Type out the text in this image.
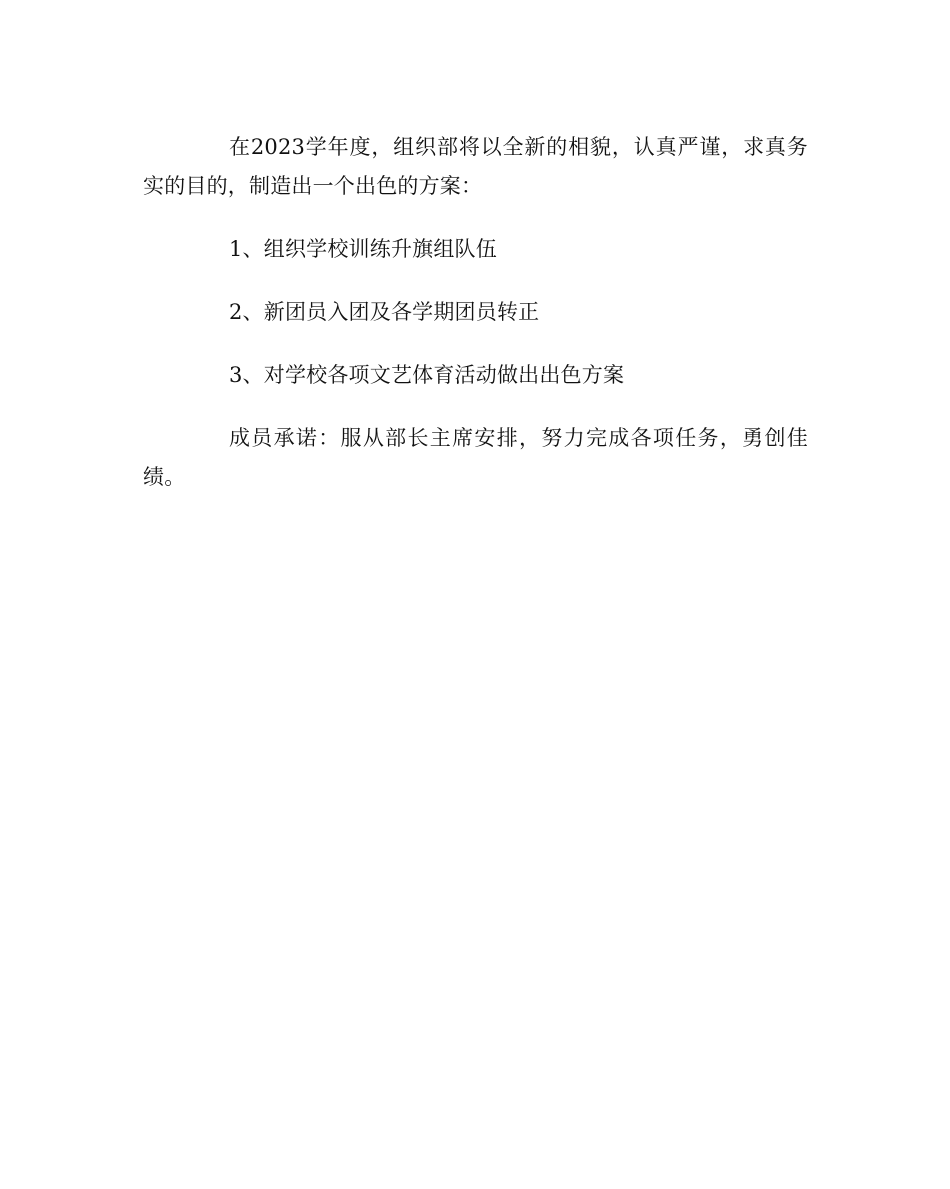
在2023学年度，组织部将以全新的相貌，认真严谨，求真务实的目的，制造出一个出色的方案：

1、组织学校训练升旗组队伍

2、新团员入团及各学期团员转正

3、对学校各项文艺体育活动做出出色方案

成员承诺：服从部长主席安排，努力完成各项任务，勇创佳绩。
